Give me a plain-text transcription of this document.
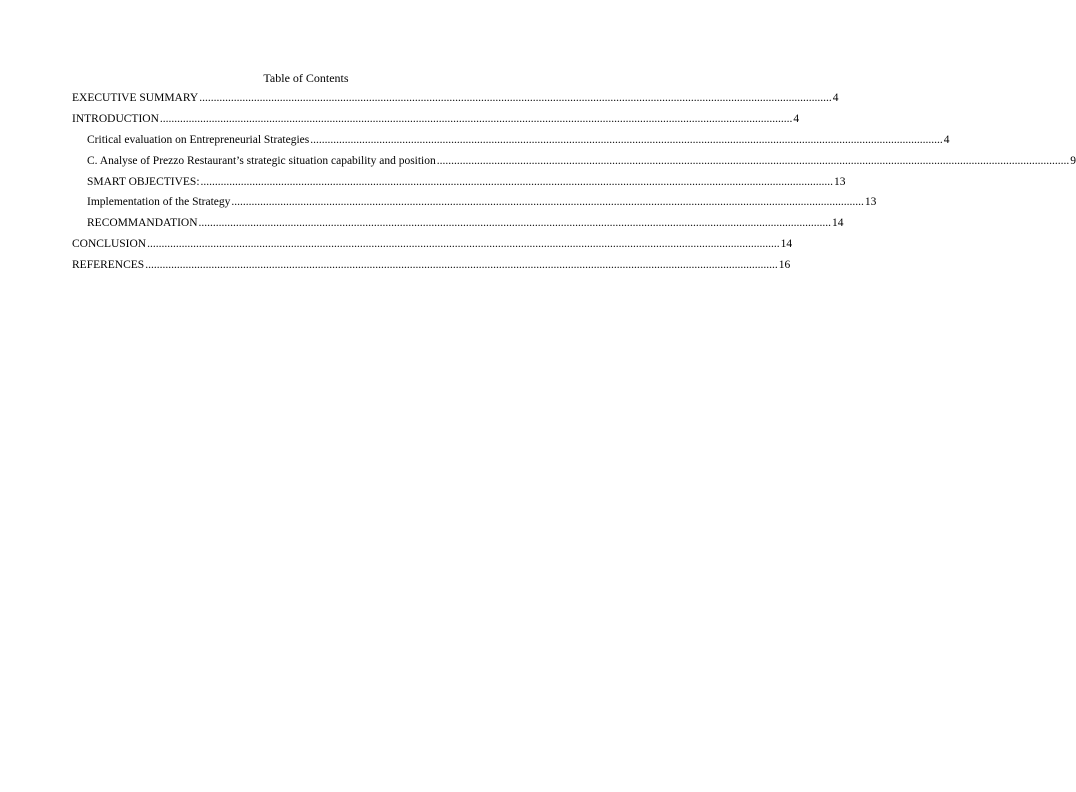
Table of Contents
EXECUTIVE SUMMARY ............................................................................................................................................................................................................................ 4
INTRODUCTION ............................................................................................................................................................................................................................ 4
Critical evaluation on Entrepreneurial Strategies ............................................................................................................................................................................................................................ 4
C. Analyse of Prezzo Restaurant’s strategic situation capability and position ............................................................................................................................................................................................................................ 9
SMART OBJECTIVES: ............................................................................................................................................................................................................................ 13
Implementation of the Strategy ............................................................................................................................................................................................................................ 13
RECOMMANDATION ............................................................................................................................................................................................................................ 14
CONCLUSION ............................................................................................................................................................................................................................ 14
REFERENCES ............................................................................................................................................................................................................................ 16
